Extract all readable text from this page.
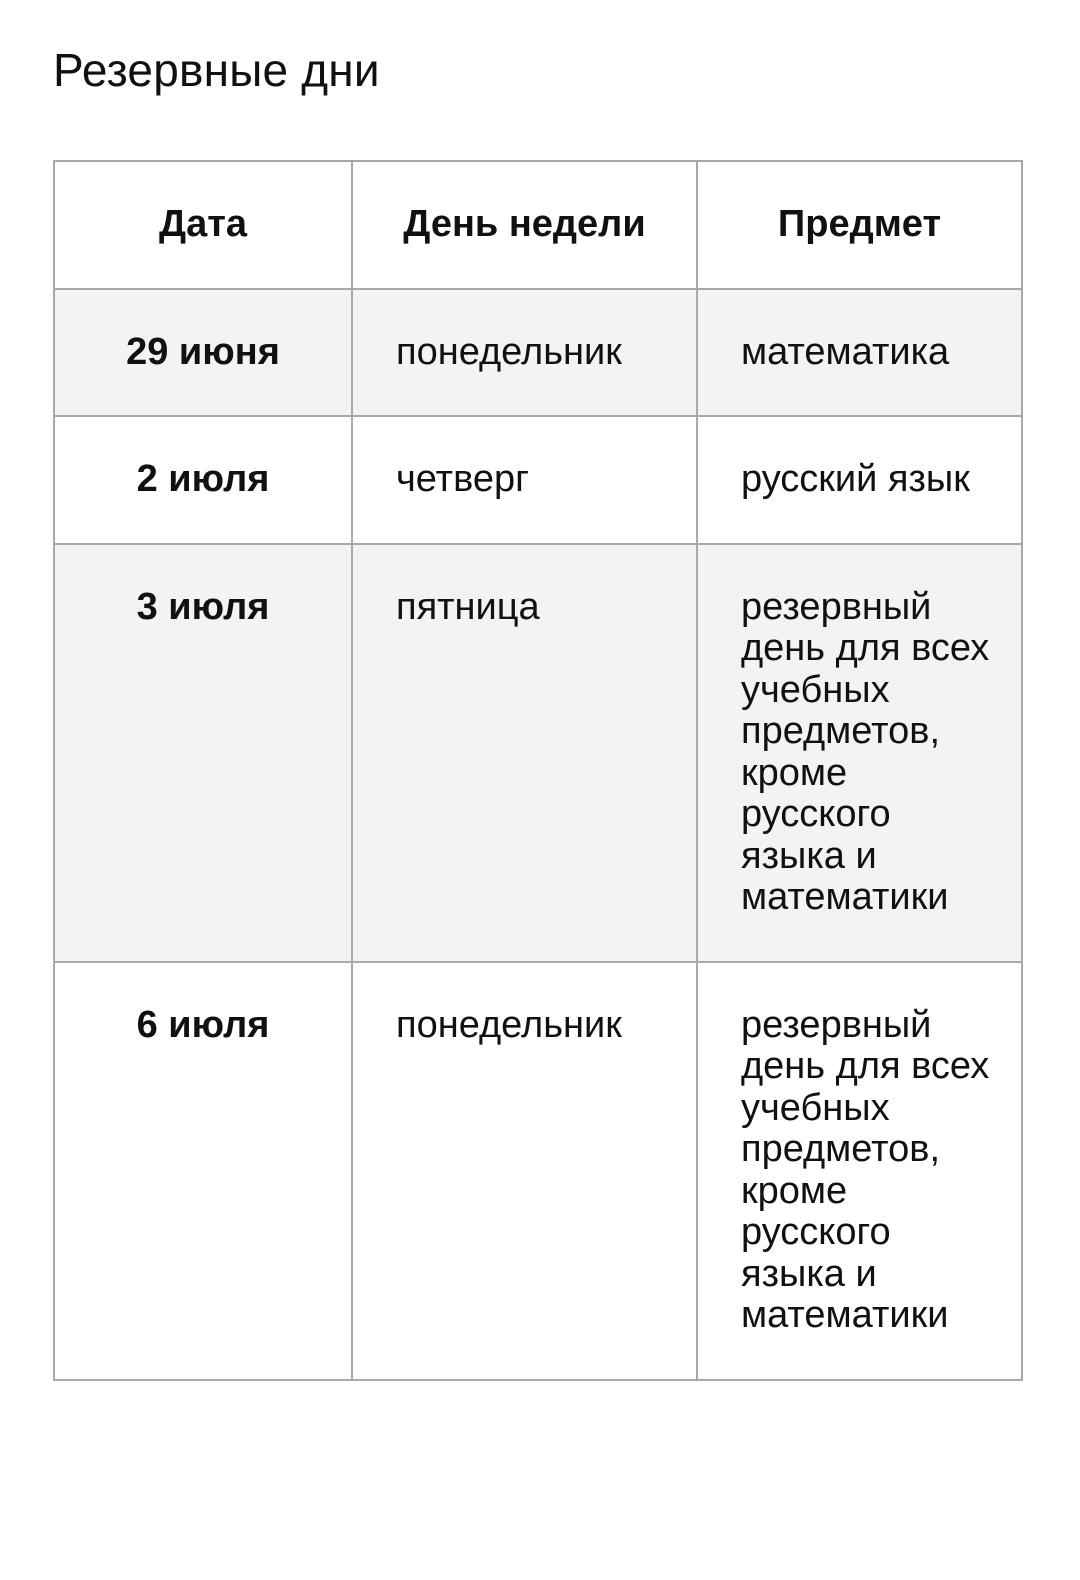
Резервные дни
Дата	День недели	Предмет
29 июня	понедельник	математика
2 июля	четверг	русский язык
3 июля	пятница	резервный день для всех учебных предметов, кроме русского языка и математики
6 июля	понедельник	резервный день для всех учебных предметов, кроме русского языка и математики
